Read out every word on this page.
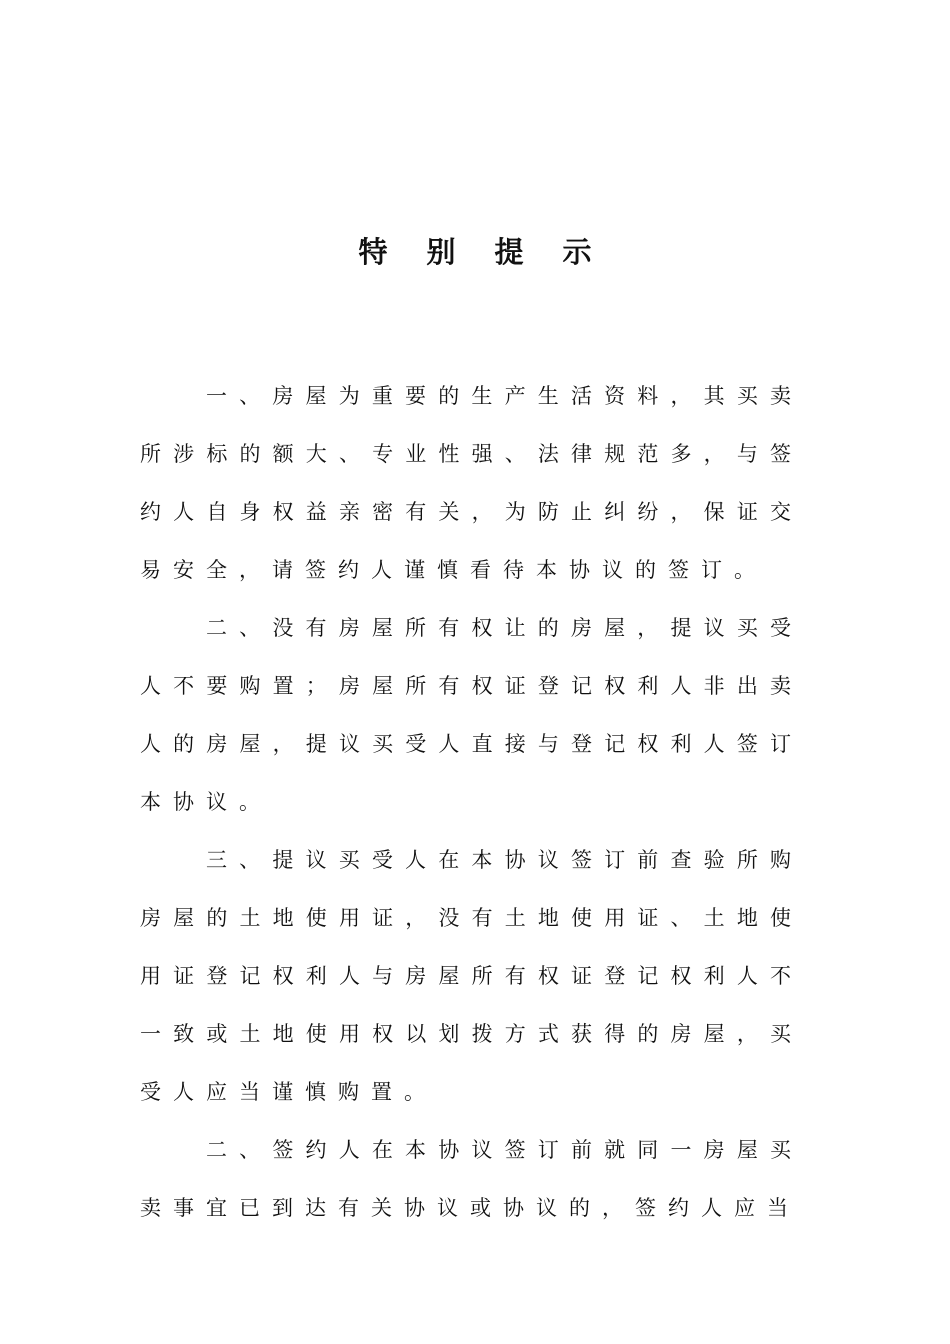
特别提示

一、房屋为重要的生产生活资料，其买卖所涉标的额大、专业性强、法律规范多，与签约人自身权益亲密有关，为防止纠纷，保证交易安全，请签约人谨慎看待本协议的签订。

二、没有房屋所有权让的房屋，提议买受人不要购置；房屋所有权证登记权利人非出卖人的房屋，提议买受人直接与登记权利人签订本协议。

三、提议买受人在本协议签订前查验所购房屋的土地使用证，没有土地使用证、土地使用证登记权利人与房屋所有权证登记权利人不一致或土地使用权以划拨方式获得的房屋，买受人应当谨慎购置。

二、签约人在本协议签订前就同一房屋买卖事宜已到达有关协议或协议的，签约人应当
